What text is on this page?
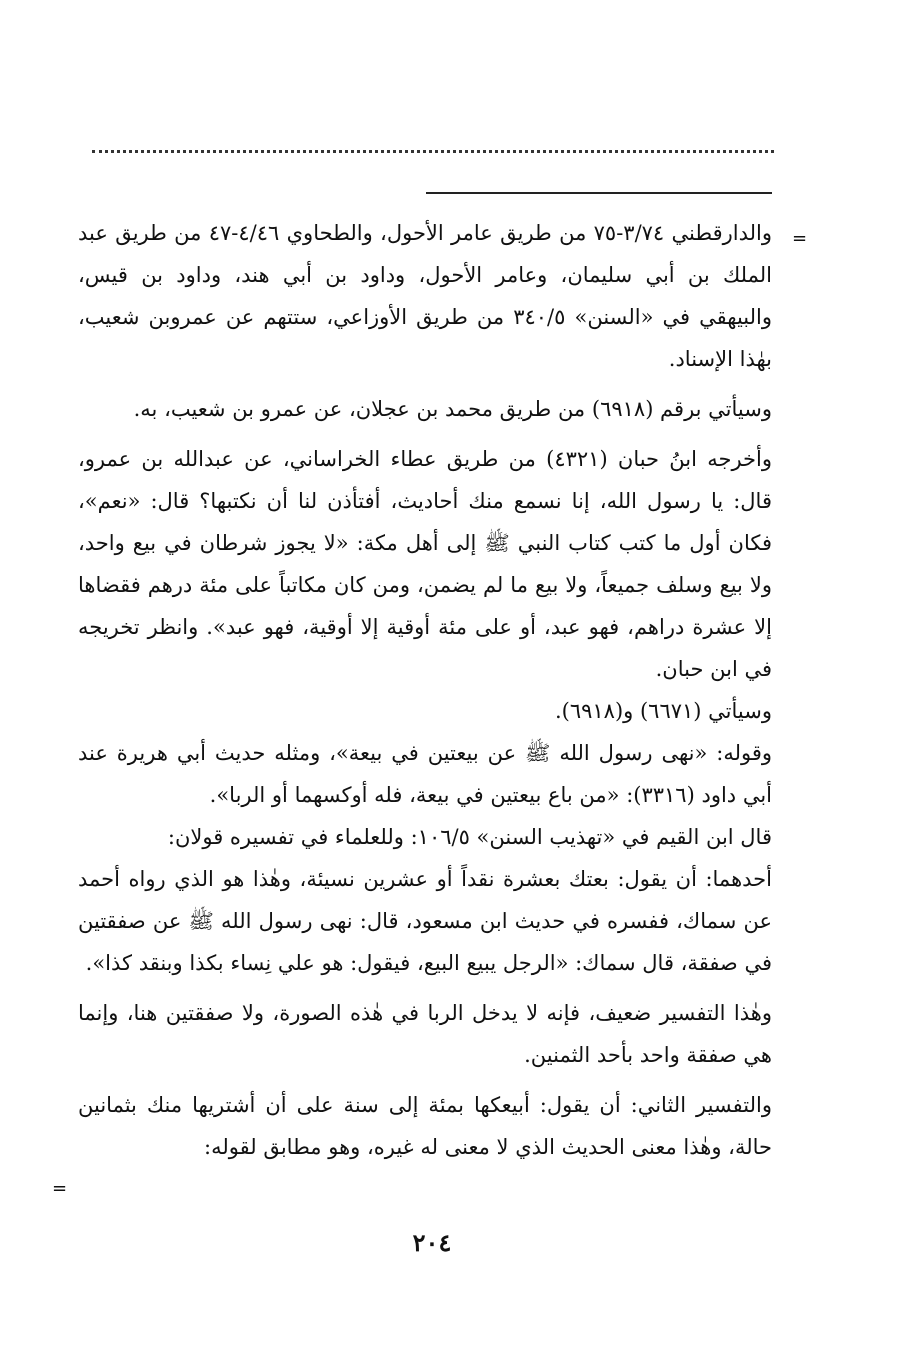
=

والدارقطني ٣/٧٤-٧٥ من طريق عامر الأحول، والطحاوي ٤/٤٦-٤٧ من طريق عبد الملك بن أبي سليمان، وعامر الأحول، وداود بن أبي هند، وداود بن قيس، والبيهقي في «السنن» ٣٤٠/٥ من طريق الأوزاعي، ستتهم عن عمروبن شعيب، بهٰذا الإسناد.

وسيأتي برقم (٦٩١٨) من طريق محمد بن عجلان، عن عمرو بن شعيب، به.

وأخرجه ابنُ حبان (٤٣٢١) من طريق عطاء الخراساني، عن عبدالله بن عمرو، قال: يا رسول الله، إنا نسمع منك أحاديث، أفتأذن لنا أن نكتبها؟ قال: «نعم»، فكان أول ما كتب كتاب النبي ﷺ إلى أهل مكة: «لا يجوز شرطان في بيع واحد، ولا بيع وسلف جميعاً، ولا بيع ما لم يضمن، ومن كان مكاتباً على مئة درهم فقضاها إلا عشرة دراهم، فهو عبد، أو على مئة أوقية إلا أوقية، فهو عبد». وانظر تخريجه في ابن حبان.

وسيأتي (٦٦٧١) و(٦٩١٨).

وقوله: «نهى رسول الله ﷺ عن بيعتين في بيعة»، ومثله حديث أبي هريرة عند أبي داود (٣٣١٦): «من باع بيعتين في بيعة، فله أوكسهما أو الربا».

قال ابن القيم في «تهذيب السنن» ١٠٦/٥: وللعلماء في تفسيره قولان:

أحدهما: أن يقول: بعتك بعشرة نقداً أو عشرين نسيئة، وهٰذا هو الذي رواه أحمد عن سماك، ففسره في حديث ابن مسعود، قال: نهى رسول الله ﷺ عن صفقتين في صفقة، قال سماك: «الرجل يبيع البيع، فيقول: هو علي نِساء بكذا وبنقد كذا».

وهٰذا التفسير ضعيف، فإنه لا يدخل الربا في هٰذه الصورة، ولا صفقتين هنا، وإنما هي صفقة واحد بأحد الثمنين.

والتفسير الثاني: أن يقول: أبيعكها بمئة إلى سنة على أن أشتريها منك بثمانين حالة، وهٰذا معنى الحديث الذي لا معنى له غيره، وهو مطابق لقوله:

=
٢٠٤
